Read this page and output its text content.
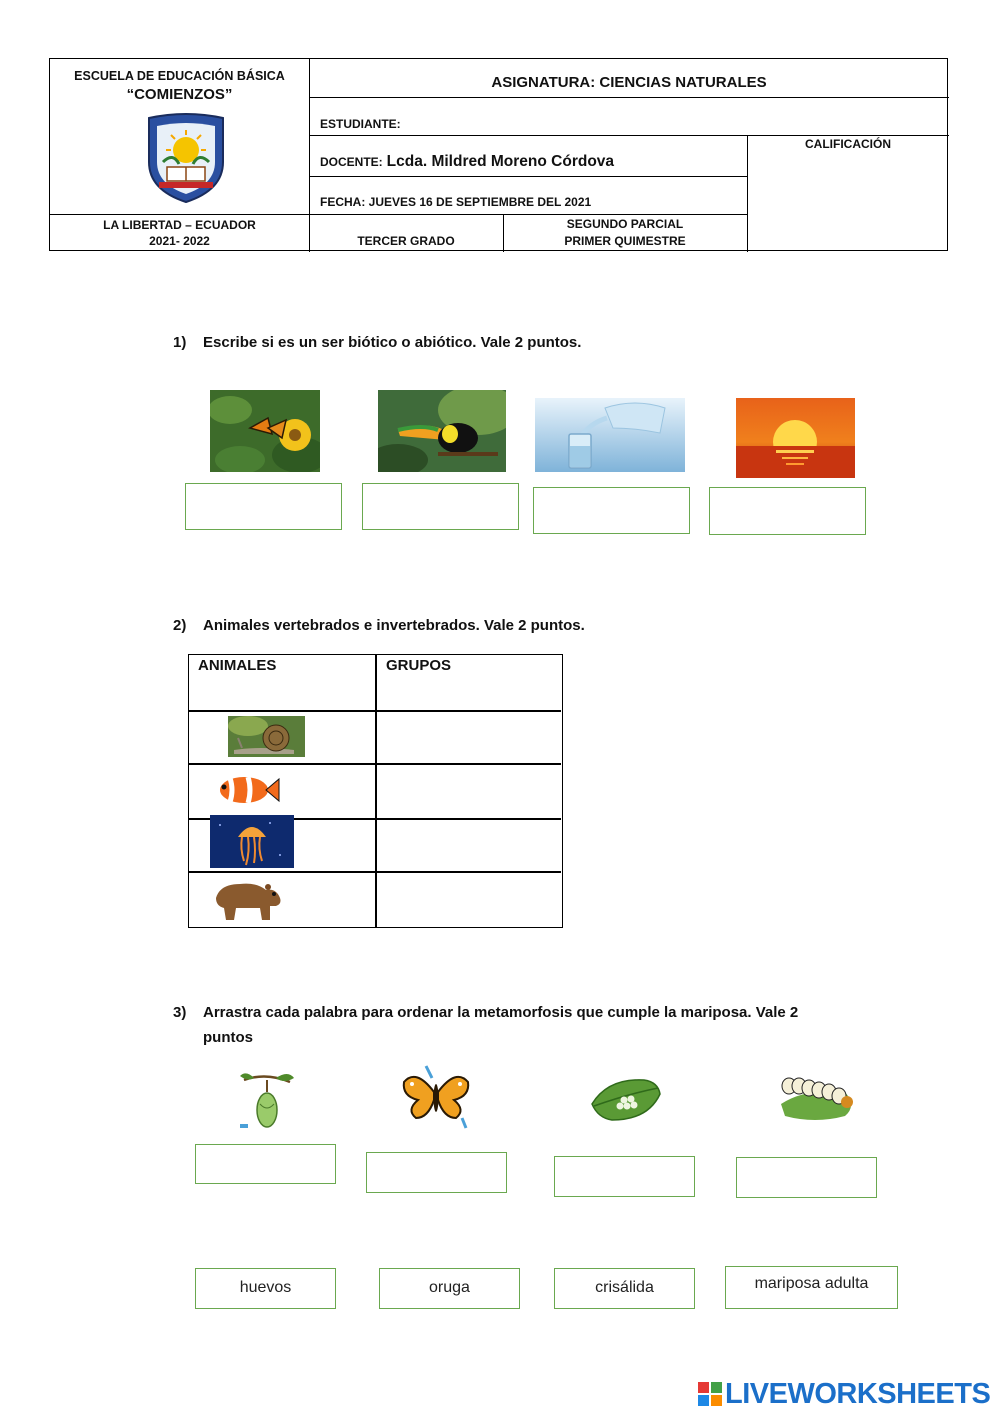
ESCUELA DE EDUCACIÓN BÁSICA
“COMIENZOS”
LA LIBERTAD – ECUADOR
2021- 2022
ASIGNATURA: CIENCIAS NATURALES
ESTUDIANTE:
DOCENTE: Lcda. Mildred Moreno Córdova
FECHA: JUEVES 16 DE SEPTIEMBRE DEL 2021
CALIFICACIÓN
TERCER GRADO
SEGUNDO PARCIAL
PRIMER QUIMESTRE
1) Escribe si es un ser biótico o abiótico. Vale 2 puntos.
2) Animales vertebrados e invertebrados. Vale 2 puntos.
ANIMALES	GRUPOS
3) Arrastra cada palabra para ordenar la metamorfosis que cumple la mariposa. Vale 2
puntos
huevos	oruga	crisálida	mariposa adulta
LIVEWORKSHEETS
